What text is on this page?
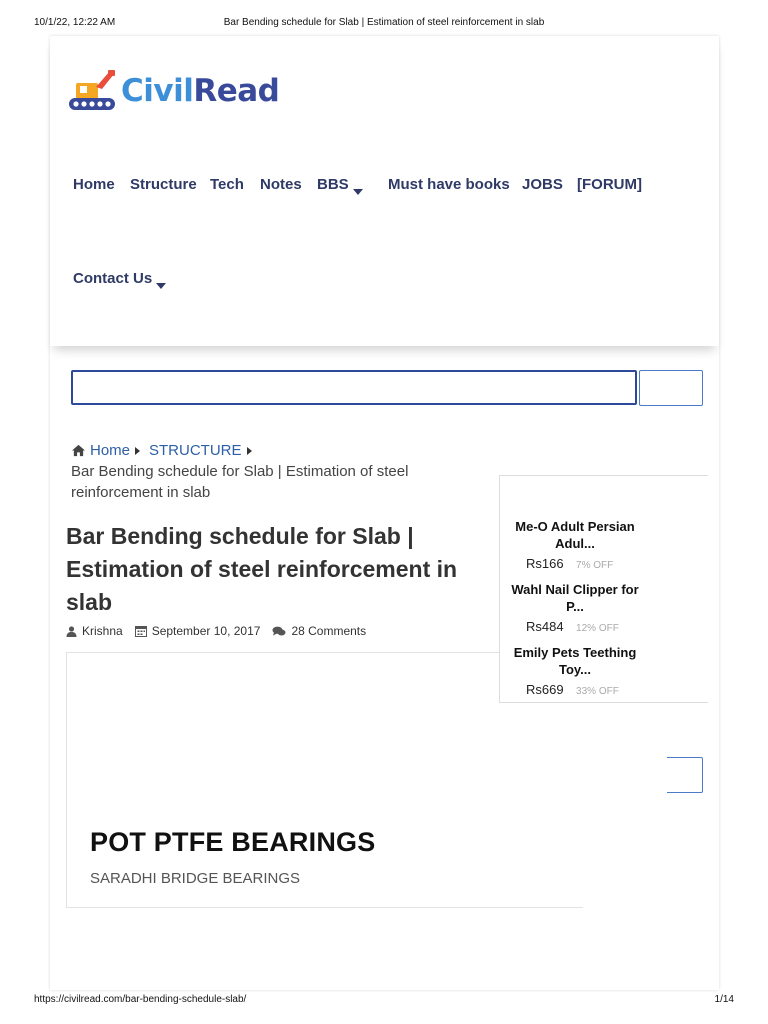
10/1/22, 12:22 AM	Bar Bending schedule for Slab | Estimation of steel reinforcement in slab
CivilRead
Home Structure Tech Notes BBS	Must have books JOBS [FORUM]
Contact Us
Home STRUCTURE
Bar Bending schedule for Slab | Estimation of steel reinforcement in slab
Bar Bending schedule for Slab | Estimation of steel reinforcement in slab
Krishna September 10, 2017	28 Comments
POT PTFE BEARINGS
SARADHI BRIDGE BEARINGS
Me-O Adult Persian Adul...
Rs166 7% OFF
Wahl Nail Clipper for P...
Rs484 12% OFF
Emily Pets Teething Toy...
Rs669 33% OFF
https://civilread.com/bar-bending-schedule-slab/	1/14
